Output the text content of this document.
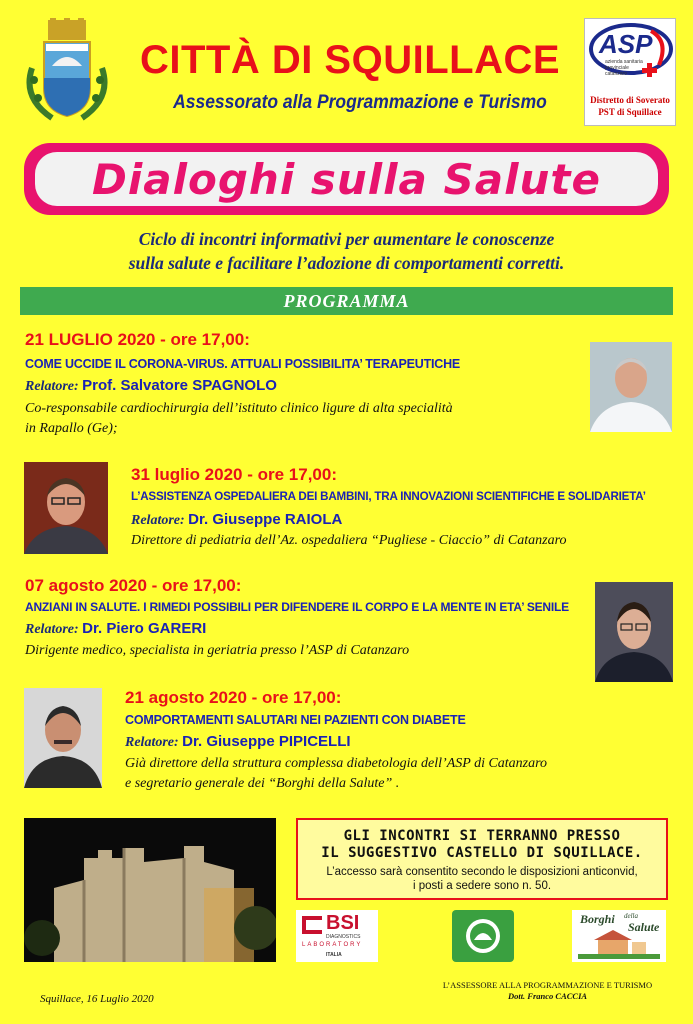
CITTÀ DI SQUILLACE
Assessorato alla Programmazione e Turismo
ASP
azienda sanitaria provinciale catanzaro
Distretto di Soverato
PST di Squillace
Dialoghi sulla Salute
Ciclo di incontri informativi per aumentare le conoscenze
sulla salute e facilitare l’adozione di comportamenti corretti.
PROGRAMMA
21 LUGLIO 2020 - ore 17,00:
COME UCCIDE IL CORONA-VIRUS. ATTUALI POSSIBILITA’ TERAPEUTICHE
Relatore: Prof. Salvatore SPAGNOLO
Co-responsabile cardiochirurgia dell’istituto clinico ligure di alta specialità
in Rapallo (Ge);
31 luglio 2020 - ore 17,00:
L’ASSISTENZA OSPEDALIERA DEI BAMBINI, TRA INNOVAZIONI SCIENTIFICHE E SOLIDARIETA’
Relatore: Dr. Giuseppe RAIOLA
Direttore di pediatria dell’Az. ospedaliera “Pugliese - Ciaccio” di Catanzaro
07 agosto 2020 - ore 17,00:
ANZIANI IN SALUTE. I RIMEDI POSSIBILI PER DIFENDERE IL CORPO E LA MENTE IN ETA’ SENILE
Relatore: Dr. Piero GARERI
Dirigente medico, specialista in geriatria presso l’ASP di Catanzaro
21 agosto 2020 - ore 17,00:
COMPORTAMENTI SALUTARI NEI PAZIENTI CON DIABETE
Relatore: Dr. Giuseppe PIPICELLI
Già direttore della struttura complessa diabetologia dell’ASP di Catanzaro
e segretario generale dei “Borghi della Salute” .
GLI INCONTRI SI TERRANNO PRESSO
IL SUGGESTIVO CASTELLO DI SQUILLACE.
L’accesso sarà consentito secondo le disposizioni anticonvid,
i posti a sedere sono n. 50.
BSI
DIAGNOSTICS
LABORATORY
ITALIA
Borghi della
Salute
Squillace, 16 Luglio 2020
L’ASSESSORE ALLA PROGRAMMAZIONE E TURISMO
Dott. Franco CACCIA
